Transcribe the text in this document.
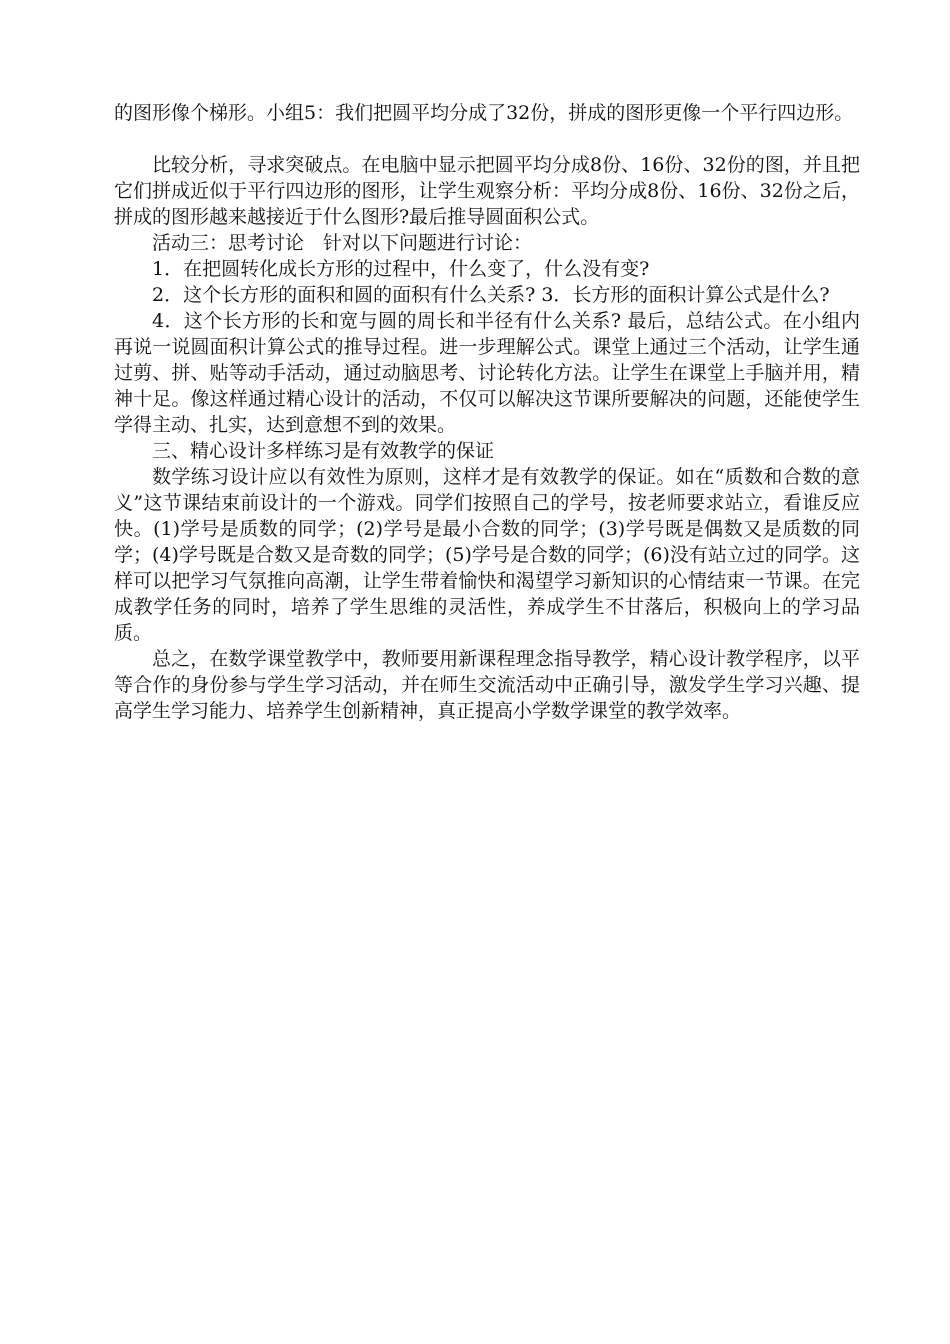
的图形像个梯形。小组5：我们把圆平均分成了32份，拼成的图形更像一个平行四边形。

比较分析，寻求突破点。在电脑中显示把圆平均分成8份、16份、32份的图，并且把它们拼成近似于平行四边形的图形，让学生观察分析：平均分成8份、16份、32份之后，拼成的图形越来越接近于什么图形?最后推导圆面积公式。

活动三：思考讨论　针对以下问题进行讨论：

1．在把圆转化成长方形的过程中，什么变了，什么没有变?

2．这个长方形的面积和圆的面积有什么关系? 3．长方形的面积计算公式是什么?

4．这个长方形的长和宽与圆的周长和半径有什么关系? 最后，总结公式。在小组内再说一说圆面积计算公式的推导过程。进一步理解公式。课堂上通过三个活动，让学生通过剪、拼、贴等动手活动，通过动脑思考、讨论转化方法。让学生在课堂上手脑并用，精神十足。像这样通过精心设计的活动，不仅可以解决这节课所要解决的问题，还能使学生学得主动、扎实，达到意想不到的效果。

三、精心设计多样练习是有效教学的保证

数学练习设计应以有效性为原则，这样才是有效教学的保证。如在“质数和合数的意义”这节课结束前设计的一个游戏。同学们按照自己的学号，按老师要求站立，看谁反应快。(1)学号是质数的同学；(2)学号是最小合数的同学；(3)学号既是偶数又是质数的同学；(4)学号既是合数又是奇数的同学；(5)学号是合数的同学；(6)没有站立过的同学。这样可以把学习气氛推向高潮，让学生带着愉快和渴望学习新知识的心情结束一节课。在完成教学任务的同时，培养了学生思维的灵活性，养成学生不甘落后，积极向上的学习品质。

总之，在数学课堂教学中，教师要用新课程理念指导教学，精心设计教学程序，以平等合作的身份参与学生学习活动，并在师生交流活动中正确引导，激发学生学习兴趣、提高学生学习能力、培养学生创新精神，真正提高小学数学课堂的教学效率。
